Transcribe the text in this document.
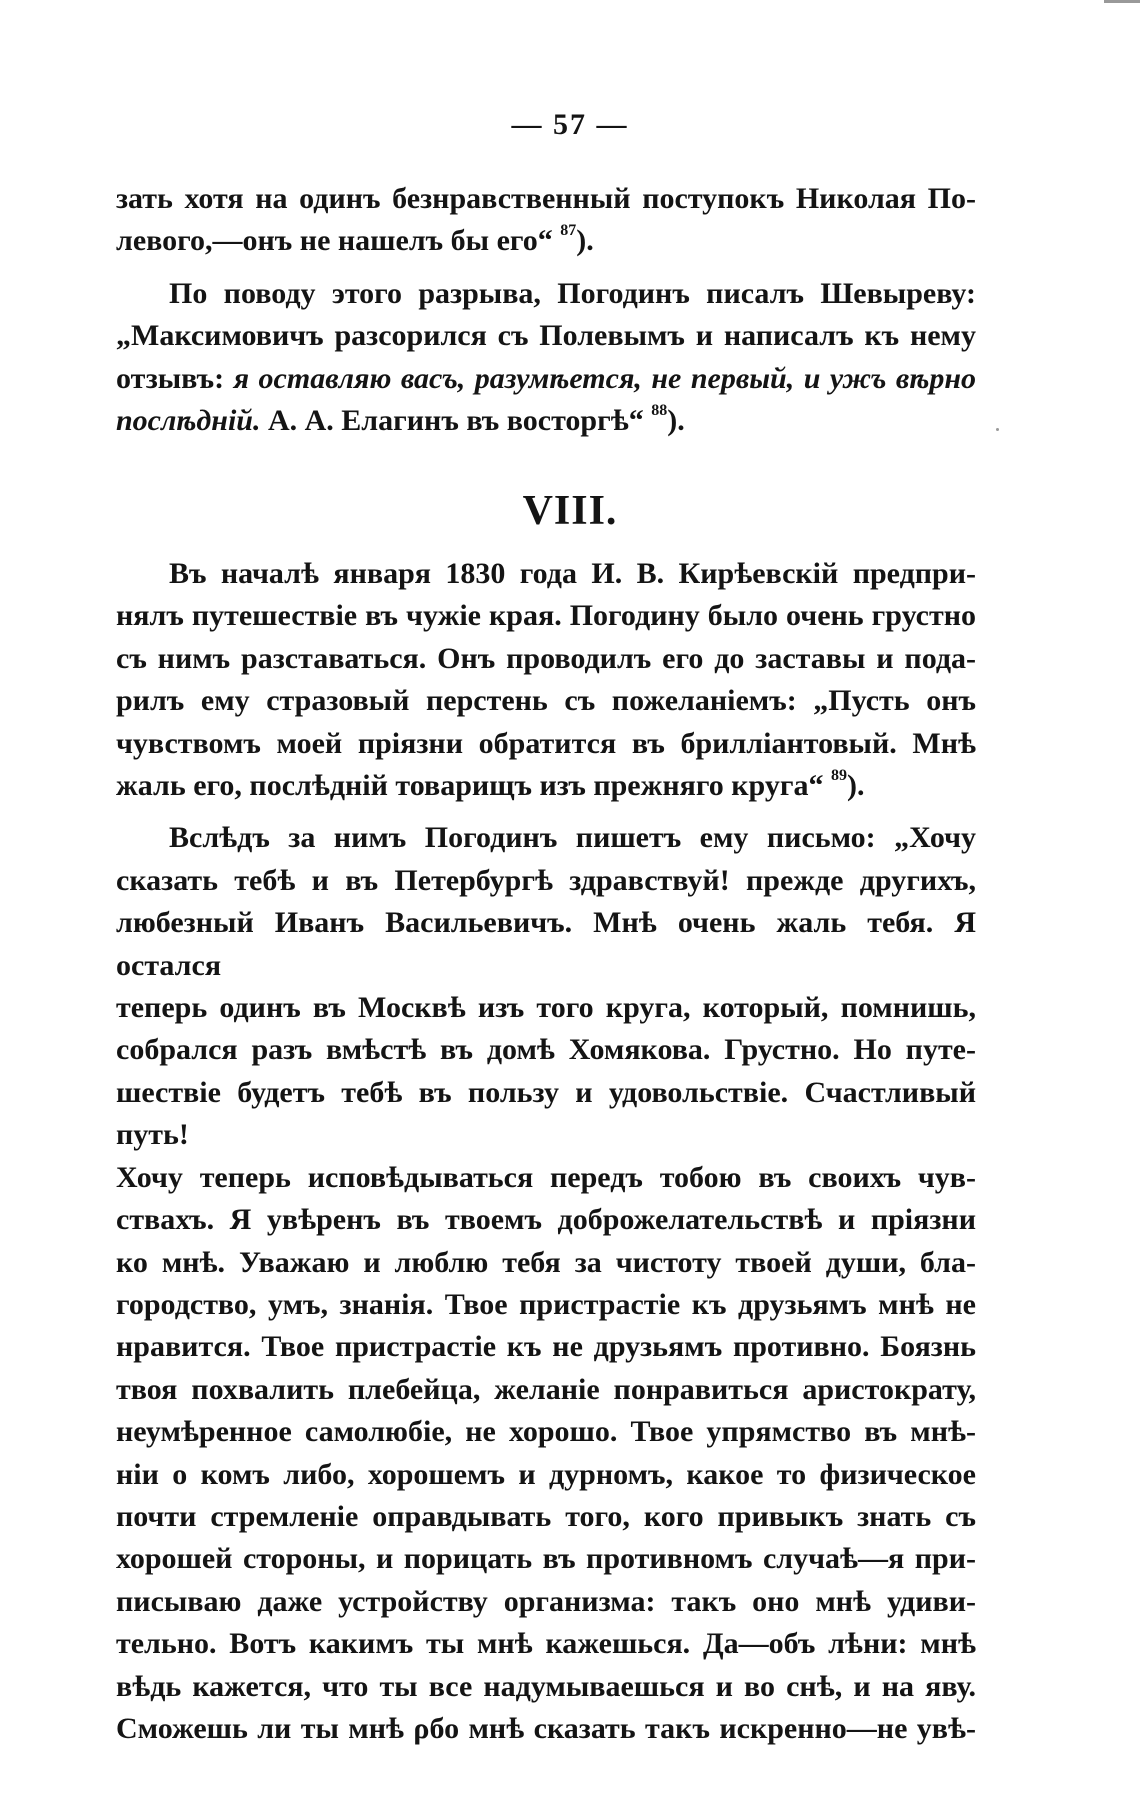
— 57 —

зать хотя на одинъ безнравственный поступокъ Николая По-

левого,—онъ не нашелъ бы его“ $^{87}$).

По поводу этого разрыва, Погодинъ писалъ Шевыреву:

„Максимовичъ разсорился съ Полевымъ и написалъ къ нему

отзывъ: я оставляю васъ, разумѣется, не первый, и ужъ вѣрно

послѣднiй. А. А. Елагинъ въ восторгѣ“ $^{88}$).

VIII.

Въ началѣ января 1830 года И. В. Кирѣевскiй предпри-

нялъ путешествiе въ чужiе края. Погодину было очень грустно

съ нимъ разставаться. Онъ проводилъ его до заставы и пода-

рилъ ему стразовый перстень съ пожеланiемъ: „Пусть онъ

чувствомъ моей прiязни обратится въ брилліантовый. Мнѣ

жаль его, послѣднiй товарищъ изъ прежняго круга“ $^{89}$).

Вслѣдъ за нимъ Погодинъ пишетъ ему письмо: „Хочу

сказать тебѣ и въ Петербургѣ здравствуй! прежде другихъ,

любезный Иванъ Васильевичъ. Мнѣ очень жаль тебя. Я остался

теперь одинъ въ Москвѣ изъ того круга, который, помнишь,

собрался разъ вмѣстѣ въ домѣ Хомякова. Грустно. Но путе-

шествiе будетъ тебѣ въ пользу и удовольствiе. Счастливый путь!

Хочу теперь исповѣдываться передъ тобою въ своихъ чув-

ствахъ. Я увѣренъ въ твоемъ доброжелательствѣ и прiязни

ко мнѣ. Уважаю и люблю тебя за чистоту твоей души, бла-

городство, умъ, знанiя. Твое пристрастiе къ друзьямъ мнѣ не

нравится. Твое пристрастiе къ не друзьямъ противно. Боязнь

твоя похвалить плебейца, желанiе понравиться аристократу,

неумѣренное самолюбiе, не хорошо. Твое упрямство въ мнѣ-

нiи о комъ либо, хорошемъ и дурномъ, какое то физическое

почти стремленiе оправдывать того, кого привыкъ знать съ

хорошей стороны, и порицать въ противномъ случаѣ—я при-

писываю даже устройству организма: такъ оно мнѣ удиви-

тельно. Вотъ какимъ ты мнѣ кажешься. Да—объ лѣни: мнѣ

вѣдь кажется, что ты все надумываешься и во снѣ, и на яву.

Сможешь ли ты мнѣ ρбо мнѣ сказать такъ искренно—не увѣ-
